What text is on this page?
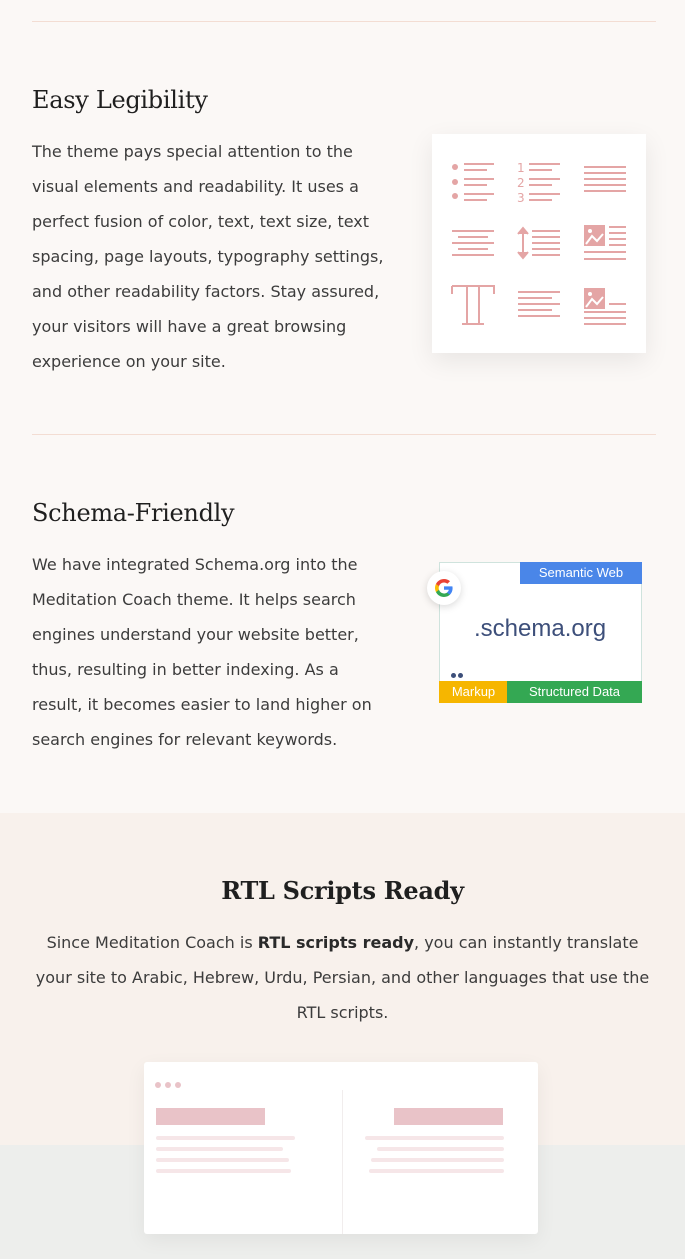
Easy Legibility

The theme pays special attention to the visual elements and readability. It uses a perfect fusion of color, text, text size, text spacing, page layouts, typography settings, and other readability factors. Stay assured, your visitors will have a great browsing experience on your site.

1
2
3
Schema-Friendly

We have integrated Schema.org into the Meditation Coach theme. It helps search engines understand your website better, thus, resulting in better indexing. As a result, it becomes easier to land higher on search engines for relevant keywords.

Semantic Web
.schema.org
Markup	Structured Data
RTL Scripts Ready

Since Meditation Coach is RTL scripts ready, you can instantly translate your site to Arabic, Hebrew, Urdu, Persian, and other languages that use the RTL scripts.
